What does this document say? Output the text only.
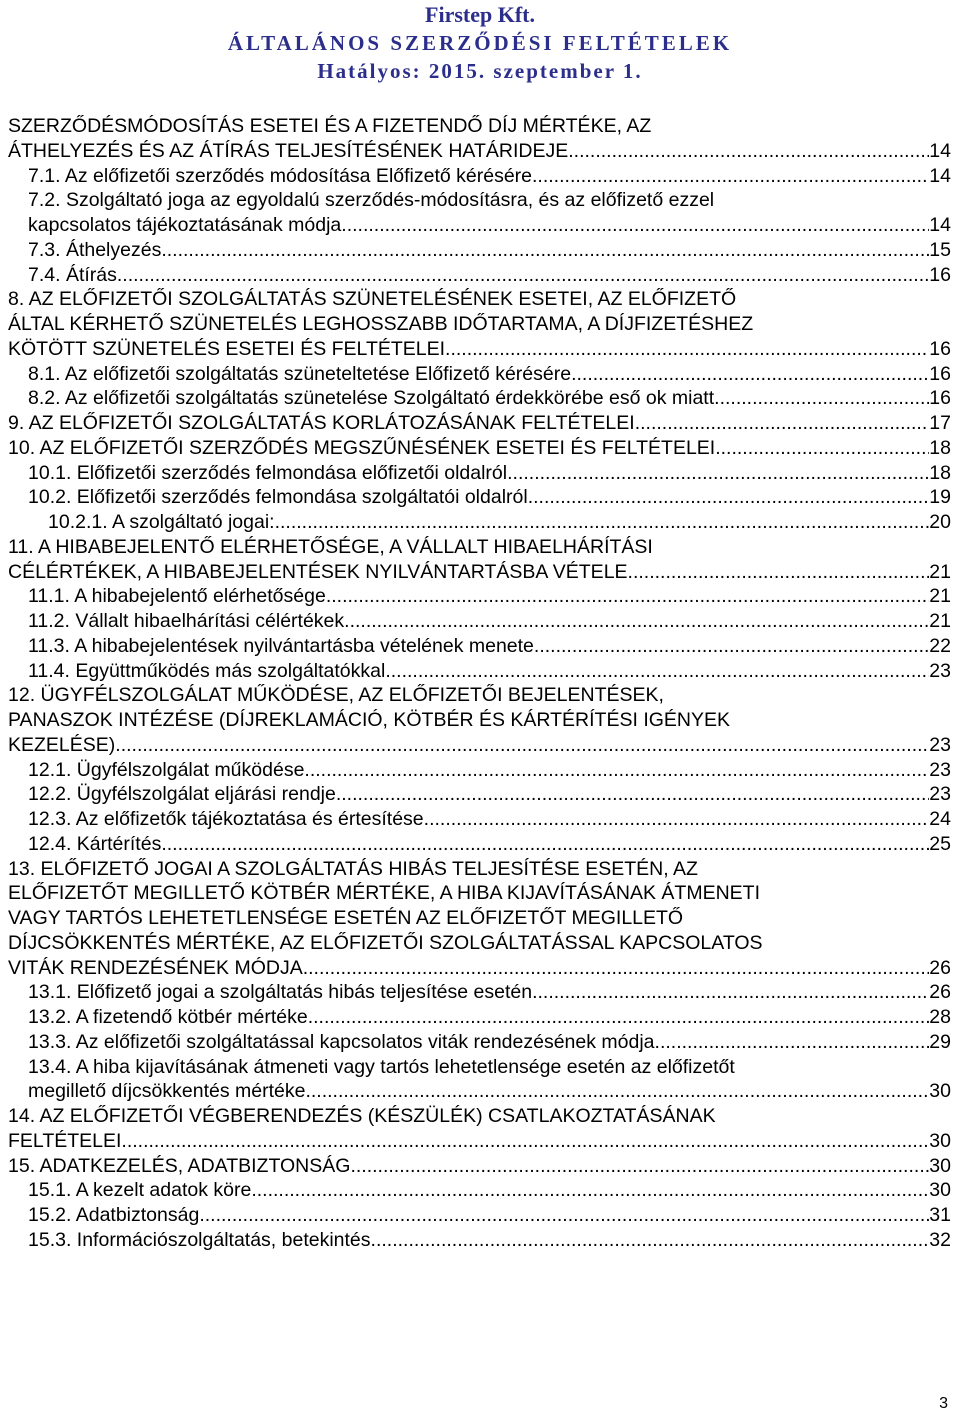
Firstep Kft.
ÁLTALÁNOS SZERZŐDÉSI FELTÉTELEK
Hatályos: 2015. szeptember 1.
SZERZŐDÉSMÓDOSÍTÁS ESETEI ÉS A FIZETENDŐ DÍJ MÉRTÉKE, AZ
ÁTHELYEZÉS ÉS AZ ÁTÍRÁS TELJESÍTÉSÉNEK HATÁRIDEJE. .....	14
7.1. Az előfizetői szerződés módosítása Előfizető kérésére .....	14
7.2. Szolgáltató joga az egyoldalú szerződés-módosításra, és az előfizető ezzel
kapcsolatos tájékoztatásának módja .....	14
7.3. Áthelyezés .....	15
7.4. Átírás .....	16
8. AZ ELŐFIZETŐI SZOLGÁLTATÁS SZÜNETELÉSÉNEK ESETEI, AZ ELŐFIZETŐ
ÁLTAL KÉRHETŐ SZÜNETELÉS LEGHOSSZABB IDŐTARTAMA, A DÍJFIZETÉSHEZ
KÖTÖTT SZÜNETELÉS ESETEI ÉS FELTÉTELEI .....	16
8.1. Az előfizetői szolgáltatás szüneteltetése Előfizető kérésére .....	16
8.2. Az előfizetői szolgáltatás szünetelése Szolgáltató érdekkörébe eső ok miatt .....	16
9. AZ ELŐFIZETŐI SZOLGÁLTATÁS KORLÁTOZÁSÁNAK FELTÉTELEI .....	17
10. AZ ELŐFIZETŐI SZERZŐDÉS MEGSZŰNÉSÉNEK ESETEI ÉS FELTÉTELEI .....	18
10.1. Előfizetői szerződés felmondása előfizetői oldalról .....	18
10.2. Előfizetői szerződés felmondása szolgáltatói oldalról .....	19
10.2.1. A szolgáltató jogai: .....	20
11. A HIBABEJELENTŐ ELÉRHETŐSÉGE, A VÁLLALT HIBAELHÁRÍTÁSI
CÉLÉRTÉKEK, A HIBABEJELENTÉSEK NYILVÁNTARTÁSBA VÉTELE .....	21
11.1. A hibabejelentő elérhetősége .....	21
11.2. Vállalt hibaelhárítási célértékek .....	21
11.3. A hibabejelentések nyilvántartásba vételének menete .....	22
11.4. Együttműködés más szolgáltatókkal .....	23
12. ÜGYFÉLSZOLGÁLAT MŰKÖDÉSE, AZ ELŐFIZETŐI BEJELENTÉSEK,
PANASZOK INTÉZÉSE (DÍJREKLAMÁCIÓ, KÖTBÉR ÉS KÁRTÉRÍTÉSI IGÉNYEK
KEZELÉSE) .....	23
12.1. Ügyfélszolgálat működése .....	23
12.2. Ügyfélszolgálat eljárási rendje .....	23
12.3. Az előfizetők tájékoztatása és értesítése .....	24
12.4. Kártérítés .....	25
13. ELŐFIZETŐ JOGAI A SZOLGÁLTATÁS HIBÁS TELJESÍTÉSE ESETÉN, AZ
ELŐFIZETŐT MEGILLETŐ KÖTBÉR MÉRTÉKE, A HIBA KIJAVÍTÁSÁNAK ÁTMENETI
VAGY TARTÓS LEHETETLENSÉGE ESETÉN AZ ELŐFIZETŐT MEGILLETŐ
DÍJCSÖKKENTÉS MÉRTÉKE, AZ ELŐFIZETŐI SZOLGÁLTATÁSSAL KAPCSOLATOS
VITÁK RENDEZÉSÉNEK MÓDJA .....	26
13.1. Előfizető jogai a szolgáltatás hibás teljesítése esetén .....	26
13.2. A fizetendő kötbér mértéke .....	28
13.3. Az előfizetői szolgáltatással kapcsolatos viták rendezésének módja .....	29
13.4. A hiba kijavításának átmeneti vagy tartós lehetetlensége esetén az előfizetőt
megillető díjcsökkentés mértéke .....	30
14. AZ ELŐFIZETŐI VÉGBERENDEZÉS (KÉSZÜLÉK) CSATLAKOZTATÁSÁNAK
FELTÉTELEI .....	30
15. ADATKEZELÉS, ADATBIZTONSÁG .....	30
15.1. A kezelt adatok köre .....	30
15.2. Adatbiztonság .....	31
15.3. Információszolgáltatás, betekintés .....	32
3
